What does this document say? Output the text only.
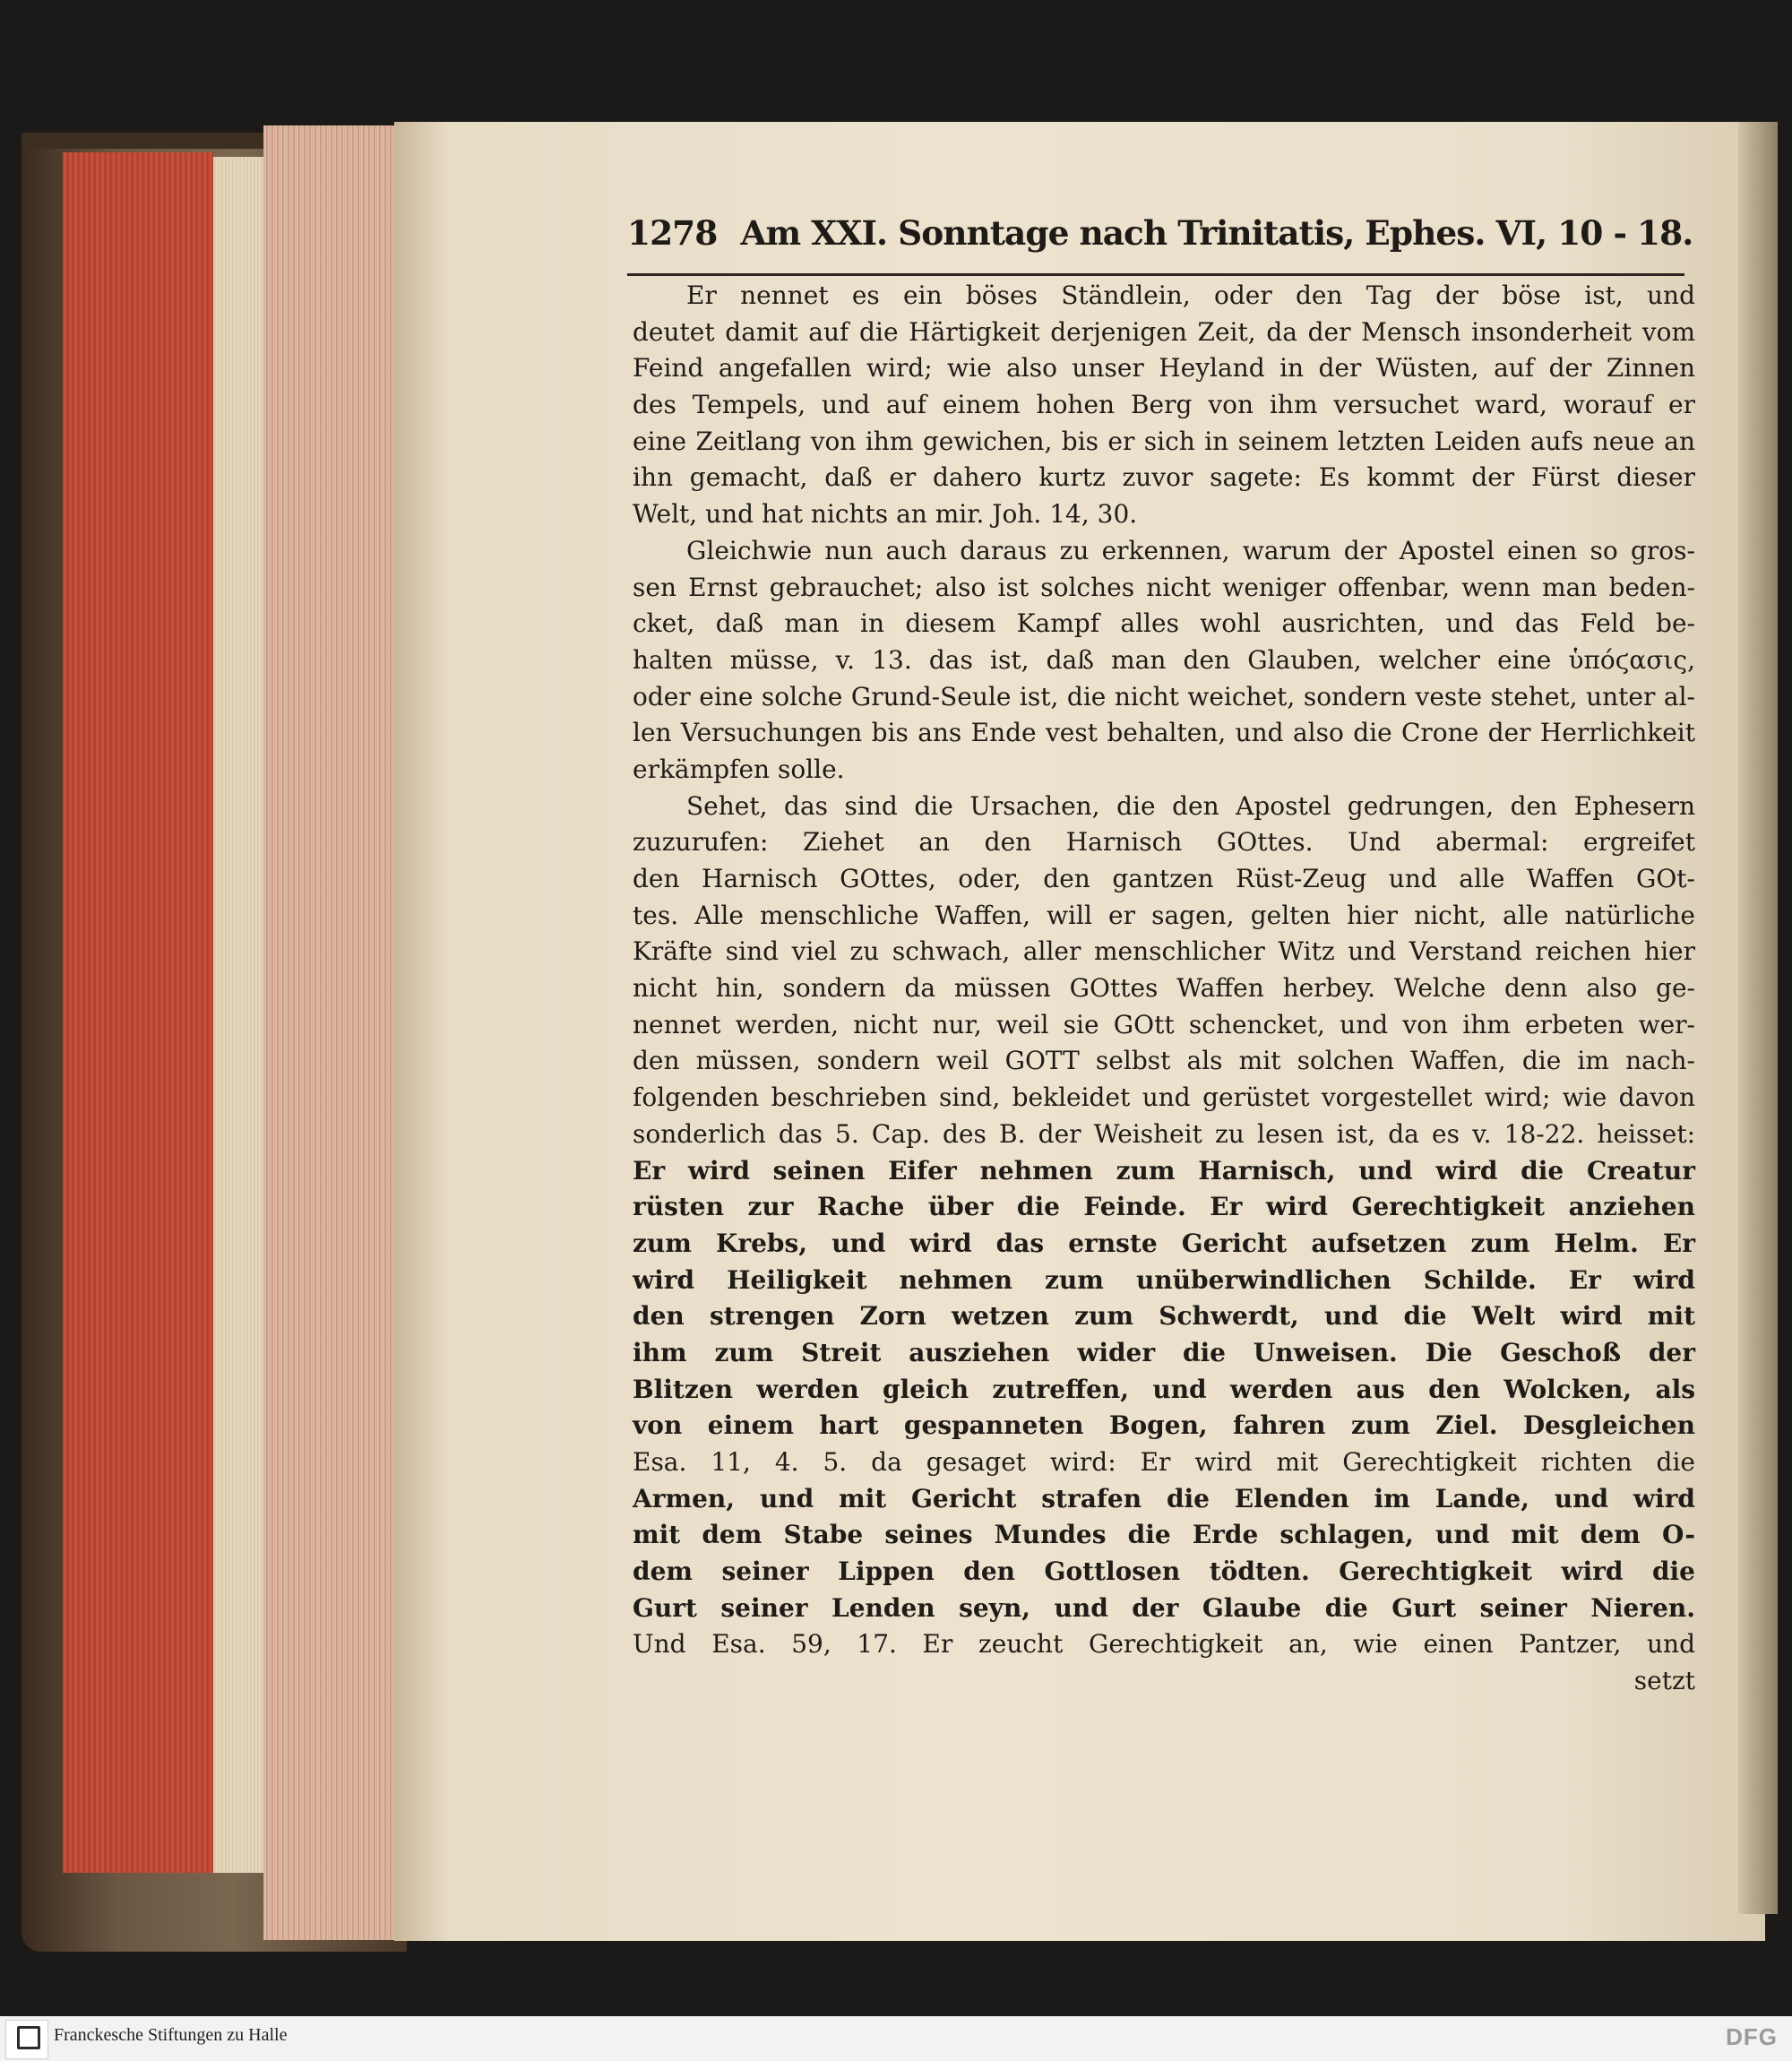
1278 Am XXI. Sonntage nach Trinitatis, Ephes. VI, 10 - 18.
Er nennet es ein böses Ständlein, oder den Tag der böse ist, und
deutet damit auf die Härtigkeit derjenigen Zeit, da der Mensch insonderheit vom
Feind angefallen wird; wie also unser Heyland in der Wüsten, auf der Zinnen
des Tempels, und auf einem hohen Berg von ihm versuchet ward, worauf er
eine Zeitlang von ihm gewichen, bis er sich in seinem letzten Leiden aufs neue an
ihn gemacht, daß er dahero kurtz zuvor sagete: Es kommt der Fürst dieser
Welt, und hat nichts an mir. Joh. 14, 30.
Gleichwie nun auch daraus zu erkennen, warum der Apostel einen so gros-
sen Ernst gebrauchet; also ist solches nicht weniger offenbar, wenn man beden-
cket, daß man in diesem Kampf alles wohl ausrichten, und das Feld be-
halten müsse, v. 13. das ist, daß man den Glauben, welcher eine ὑπόϛασις,
oder eine solche Grund-Seule ist, die nicht weichet, sondern veste stehet, unter al-
len Versuchungen bis ans Ende vest behalten, und also die Crone der Herrlichkeit
erkämpfen solle.
Sehet, das sind die Ursachen, die den Apostel gedrungen, den Ephesern
zuzurufen: Ziehet an den Harnisch GOttes. Und abermal: ergreifet
den Harnisch GOttes, oder, den gantzen Rüst-Zeug und alle Waffen GOt-
tes. Alle menschliche Waffen, will er sagen, gelten hier nicht, alle natürliche
Kräfte sind viel zu schwach, aller menschlicher Witz und Verstand reichen hier
nicht hin, sondern da müssen GOttes Waffen herbey. Welche denn also ge-
nennet werden, nicht nur, weil sie GOtt schencket, und von ihm erbeten wer-
den müssen, sondern weil GOTT selbst als mit solchen Waffen, die im nach-
folgenden beschrieben sind, bekleidet und gerüstet vorgestellet wird; wie davon
sonderlich das 5. Cap. des B. der Weisheit zu lesen ist, da es v. 18-22. heisset:
Er wird seinen Eifer nehmen zum Harnisch, und wird die Creatur
rüsten zur Rache über die Feinde. Er wird Gerechtigkeit anziehen
zum Krebs, und wird das ernste Gericht aufsetzen zum Helm. Er
wird Heiligkeit nehmen zum unüberwindlichen Schilde. Er wird
den strengen Zorn wetzen zum Schwerdt, und die Welt wird mit
ihm zum Streit ausziehen wider die Unweisen. Die Geschoß der
Blitzen werden gleich zutreffen, und werden aus den Wolcken, als
von einem hart gespanneten Bogen, fahren zum Ziel. Desgleichen
Esa. 11, 4. 5. da gesaget wird: Er wird mit Gerechtigkeit richten die
Armen, und mit Gericht strafen die Elenden im Lande, und wird
mit dem Stabe seines Mundes die Erde schlagen, und mit dem O-
dem seiner Lippen den Gottlosen tödten. Gerechtigkeit wird die
Gurt seiner Lenden seyn, und der Glaube die Gurt seiner Nieren.
Und Esa. 59, 17. Er zeucht Gerechtigkeit an, wie einen Pantzer, und
setzt
Franckesche Stiftungen zu Halle	DFG
